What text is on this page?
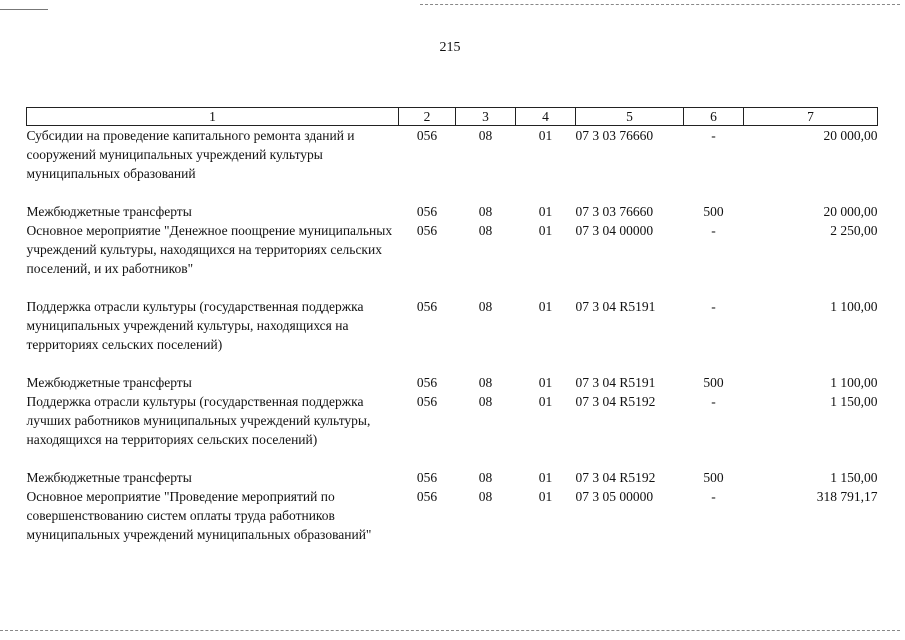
215
1	2	3	4	5	6	7
Субсидии на проведение капитального ремонта зданий и сооружений муниципальных учреждений культуры муниципальных образований	056	08	01	07 3 03 76660	-	20 000,00
Межбюджетные трансферты	056	08	01	07 3 03 76660	500	20 000,00
Основное мероприятие "Денежное поощрение муниципальных учреждений культуры, находящихся на территориях сельских поселений, и их работников"	056	08	01	07 3 04 00000	-	2 250,00
Поддержка отрасли культуры (государственная поддержка муниципальных учреждений культуры, находящихся на территориях сельских поселений)	056	08	01	07 3 04 R5191	-	1 100,00
Межбюджетные трансферты	056	08	01	07 3 04 R5191	500	1 100,00
Поддержка отрасли культуры (государственная поддержка лучших работников муниципальных учреждений культуры, находящихся на территориях сельских поселений)	056	08	01	07 3 04 R5192	-	1 150,00
Межбюджетные трансферты	056	08	01	07 3 04 R5192	500	1 150,00
Основное мероприятие "Проведение мероприятий по совершенствованию систем оплаты труда работников муниципальных учреждений муниципальных образований"	056	08	01	07 3 05 00000	-	318 791,17
